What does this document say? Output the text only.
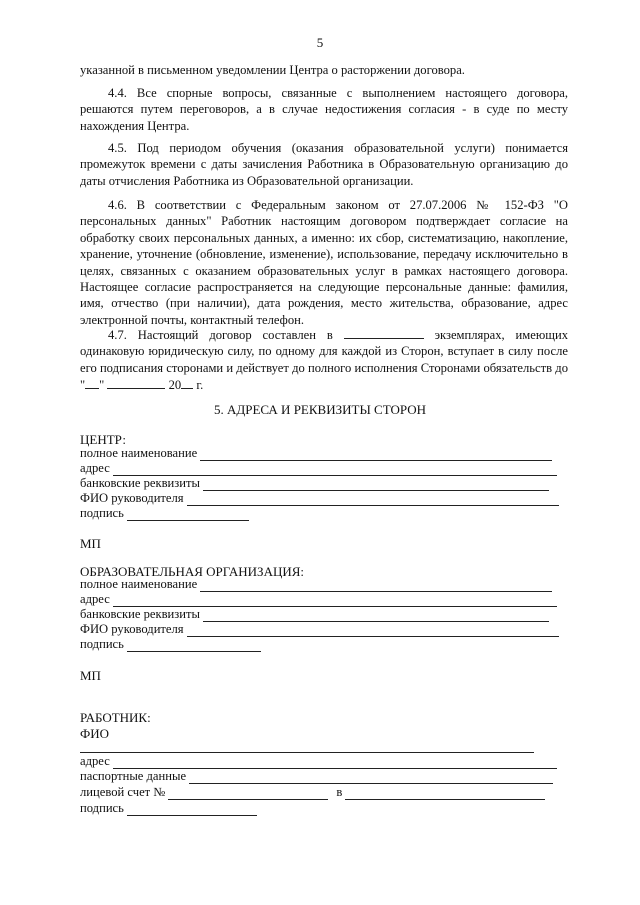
5

указанной в письменном уведомлении Центра о расторжении договора.

4.4. Все спорные вопросы, связанные с выполнением настоящего договора, решаются путем переговоров, а в случае недостижения согласия - в суде по месту нахождения Центра.

4.5. Под периодом обучения (оказания образовательной услуги) понимается промежуток времени с даты зачисления Работника в Образовательную организацию до даты отчисления Работника из Образовательной организации.

4.6. В соответствии с Федеральным законом от 27.07.2006 № 152-ФЗ "О персональных данных" Работник настоящим договором подтверждает согласие на обработку своих персональных данных, а именно: их сбор, систематизацию, накопление, хранение, уточнение (обновление, изменение), использование, передачу исключительно в целях, связанных с оказанием образовательных услуг в рамках настоящего договора. Настоящее согласие распространяется на следующие персональные данные: фамилия, имя, отчество (при наличии), дата рождения, место жительства, образование, адрес электронной почты, контактный телефон.

4.7. Настоящий договор составлен в	экземплярах, имеющих одинаковую юридическую силу, по одному для каждой из Сторон, вступает в силу после его подписания сторонами и действует до полного исполнения Сторонами обязательств до " "	20 г.

5. АДРЕСА И РЕКВИЗИТЫ СТОРОН
ЦЕНТР:
полное наименование
адрес
банковские реквизиты
ФИО руководителя
подпись
МП
ОБРАЗОВАТЕЛЬНАЯ ОРГАНИЗАЦИЯ:
полное наименование
адрес
банковские реквизиты
ФИО руководителя
подпись
МП
РАБОТНИК:
ФИО
адрес
паспортные данные
лицевой счет №	в
подпись
